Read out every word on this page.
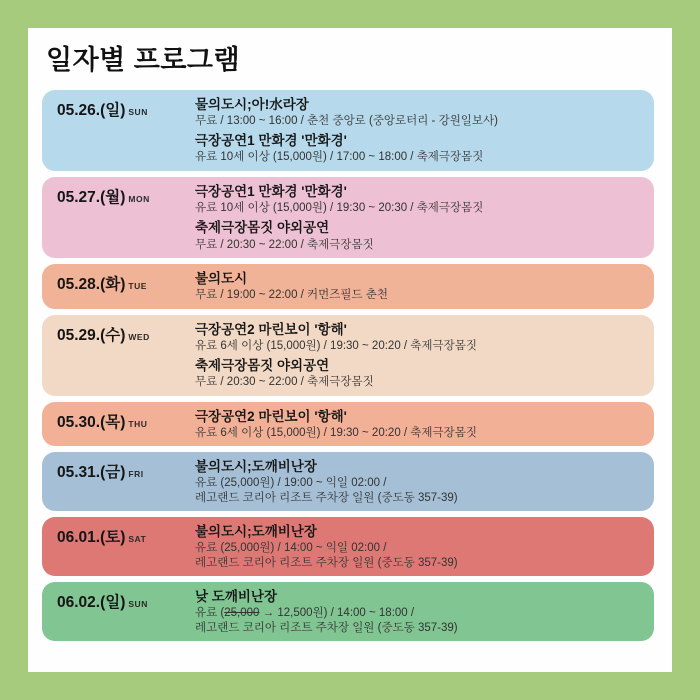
일자별 프로그램
05.26.(일) SUN	물의도시;아!水라장
무료 / 13:00 ~ 16:00 / 춘천 중앙로 (중앙로터리 - 강원일보사)
극장공연1 만화경 '만화경'
유료 10세 이상 (15,000원) / 17:00 ~ 18:00 / 축제극장몸짓
05.27.(월) MON	극장공연1 만화경 '만화경'
유료 10세 이상 (15,000원) / 19:30 ~ 20:30 / 축제극장몸짓
축제극장몸짓 야외공연
무료 / 20:30 ~ 22:00 / 축제극장몸짓
05.28.(화) TUE	불의도시
무료 / 19:00 ~ 22:00 / 커먼즈필드 춘천
05.29.(수) WED	극장공연2 마린보이 '항해'
유료 6세 이상 (15,000원) / 19:30 ~ 20:20 / 축제극장몸짓
축제극장몸짓 야외공연
무료 / 20:30 ~ 22:00 / 축제극장몸짓
05.30.(목) THU	극장공연2 마린보이 '항해'
유료 6세 이상 (15,000원) / 19:30 ~ 20:20 / 축제극장몸짓
05.31.(금) FRI	불의도시;도깨비난장
유료 (25,000원) / 19:00 ~ 익일 02:00 /
레고랜드 코리아 리조트 주차장 일원 (중도동 357-39)
06.01.(토) SAT	불의도시;도깨비난장
유료 (25,000원) / 14:00 ~ 익일 02:00 /
레고랜드 코리아 리조트 주차장 일원 (중도동 357-39)
06.02.(일) SUN	낮 도깨비난장
유료 (25,000 → 12,500원) / 14:00 ~ 18:00 /
레고랜드 코리아 리조트 주차장 일원 (중도동 357-39)
